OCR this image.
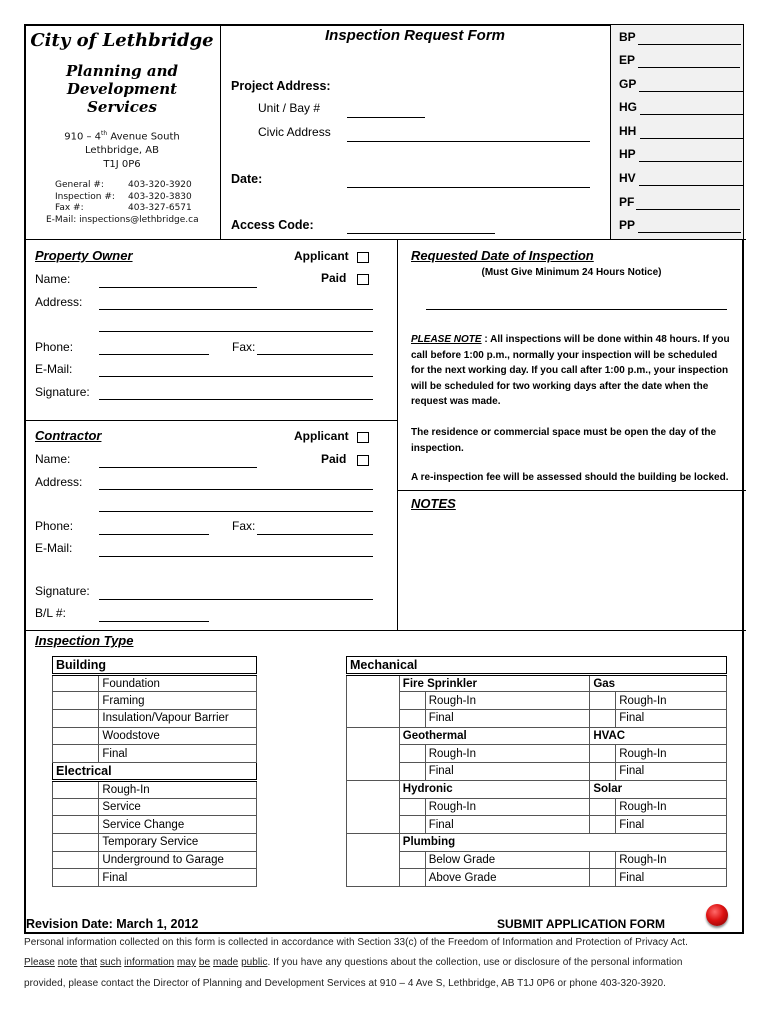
City of Lethbridge
Planning and
Development
Services
910 – 4th Avenue South
Lethbridge, AB
T1J 0P6
General #:	403-320-3920
Inspection #: 403-320-3830
Fax #:	403-327-6571
E-Mail: inspections@lethbridge.ca
Inspection Request Form
Project Address:
Unit / Bay #
Civic Address
Date:
Access Code:
BP
EP
GP
HG
HH
HP
HV
PF
PP
Property Owner	Applicant
Paid
Name:
Address:
Phone:	Fax:
E-Mail:
Signature:
Contractor	Applicant
Paid
Name:
Address:
Phone:	Fax:
E-Mail:
Signature:
B/L #:
Requested Date of Inspection
(Must Give Minimum 24 Hours Notice)
PLEASE NOTE : All inspections will be done within 48 hours. If you call before 1:00 p.m., normally your inspection will be scheduled for the next working day. If you call after 1:00 p.m., your inspection will be scheduled for two working days after the date when the request was made.
The residence or commercial space must be open the day of the inspection.
A re-inspection fee will be assessed should the building be locked.
NOTES
Inspection Type
Building	
	Foundation
	Framing
	Insulation/Vapour Barrier
	Woodstove
	Final
Electrical	
	Rough-In
	Service
	Service Change
	Temporary Service
	Underground to Garage
	Final
Mechanical				
	Fire Sprinkler		Gas	
		Rough-In		Rough-In
		Final		Final
	Geothermal		HVAC	
		Rough-In		Rough-In
		Final		Final
	Hydronic		Solar	
		Rough-In		Rough-In
		Final		Final
	Plumbing			
		Below Grade		Rough-In
		Above Grade		Final
Revision Date: March 1, 2012	SUBMIT APPLICATION FORM
Personal information collected on this form is collected in accordance with Section 33(c) of the Freedom of Information and Protection of Privacy Act.
Please note that such information may be made public. If you have any questions about the collection, use or disclosure of the personal information
provided, please contact the Director of Planning and Development Services at 910 – 4 Ave S, Lethbridge, AB T1J 0P6 or phone 403-320-3920.
